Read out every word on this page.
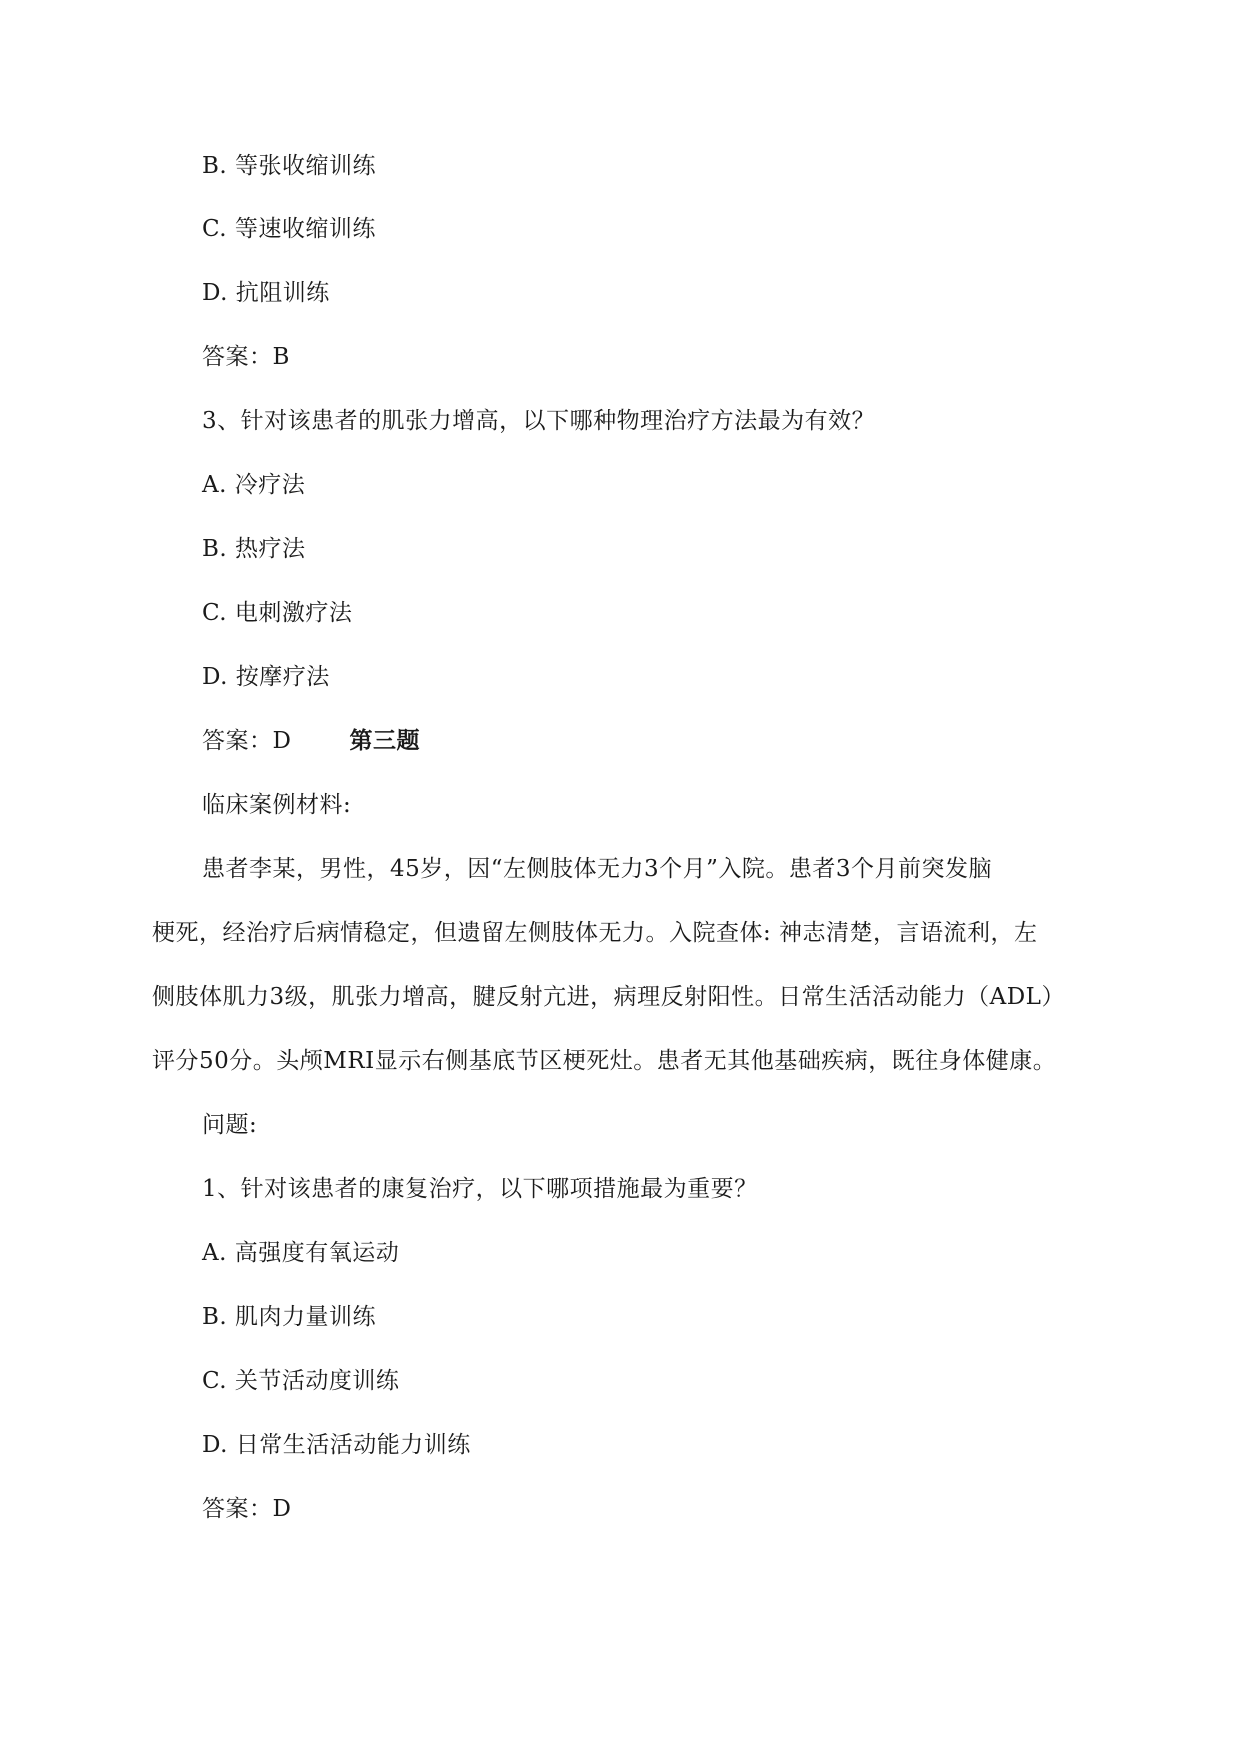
B. 等张收缩训练
C. 等速收缩训练
D. 抗阻训练
答案：B
3、针对该患者的肌张力增高，以下哪种物理治疗方法最为有效？
A. 冷疗法
B. 热疗法
C. 电刺激疗法
D. 按摩疗法
答案：D	第三题
临床案例材料:
患者李某，男性，45岁，因“左侧肢体无力3个月”入院。患者3个月前突发脑
梗死，经治疗后病情稳定，但遗留左侧肢体无力。入院查体: 神志清楚，言语流利，左
侧肢体肌力3级，肌张力增高，腱反射亢进，病理反射阳性。日常生活活动能力（ADL）
评分50分。头颅MRI显示右侧基底节区梗死灶。患者无其他基础疾病，既往身体健康。
问题:
1、针对该患者的康复治疗，以下哪项措施最为重要？
A. 高强度有氧运动
B. 肌肉力量训练
C. 关节活动度训练
D. 日常生活活动能力训练
答案：D
